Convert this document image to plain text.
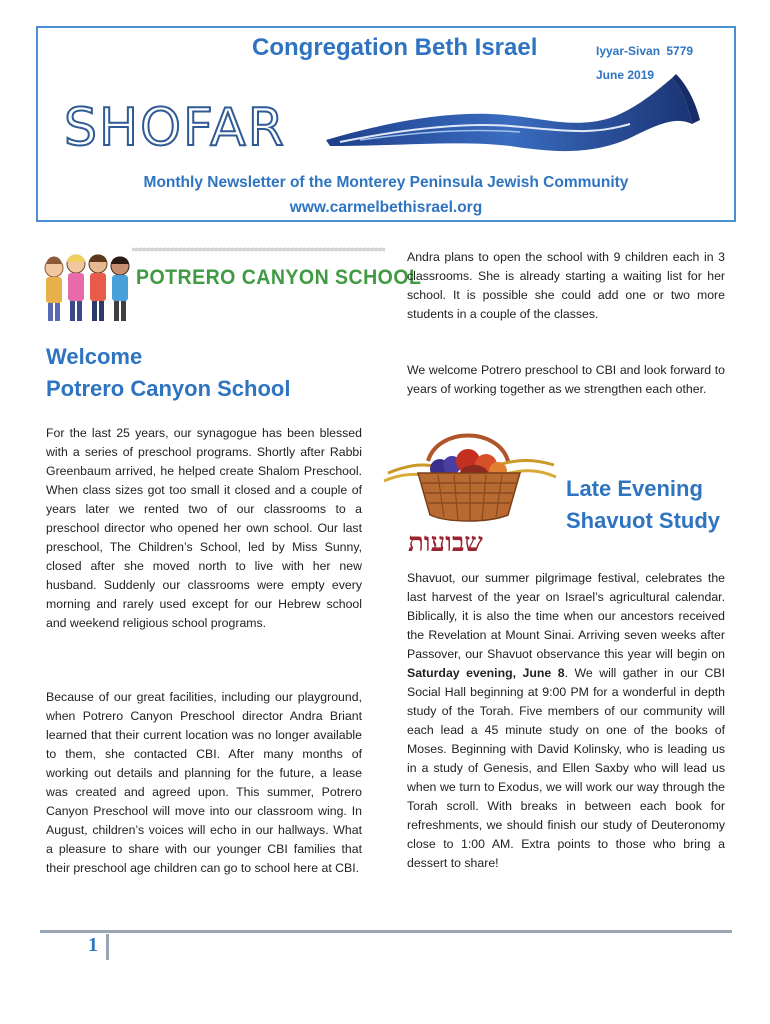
Congregation Beth Israel	Iyyar-Sivan 5779
June 2019
SHOFAR
Monthly Newsletter of the Monterey Peninsula Jewish Community
www.carmelbethisrael.org
POTRERO CANYON SCHOOL
Welcome
Potrero Canyon School
For the last 25 years, our synagogue has been blessed with a series of preschool programs. Shortly after Rabbi Greenbaum arrived, he helped create Shalom Preschool. When class sizes got too small it closed and a couple of years later we rented two of our classrooms to a preschool director who opened her own school. Our last preschool, The Children’s School, led by Miss Sunny, closed after she moved north to live with her new husband. Suddenly our classrooms were empty every morning and rarely used except for our Hebrew school and weekend religious school programs.
Because of our great facilities, including our playground, when Potrero Canyon Preschool director Andra Briant learned that their current location was no longer available to them, she contacted CBI. After many months of working out details and planning for the future, a lease was created and agreed upon. This summer, Potrero Canyon Preschool will move into our classroom wing. In August, children’s voices will echo in our hallways. What a pleasure to share with our younger CBI families that their preschool age children can go to school here at CBI.
Andra plans to open the school with 9 children each in 3 classrooms. She is already starting a waiting list for her school. It is possible she could add one or two more students in a couple of the classes.
We welcome Potrero preschool to CBI and look forward to years of working together as we strengthen each other.
שבועות
Late Evening
Shavuot Study
Shavuot, our summer pilgrimage festival, celebrates the last harvest of the year on Israel’s agricultural calendar. Biblically, it is also the time when our ancestors received the Revelation at Mount Sinai. Arriving seven weeks after Passover, our Shavuot observance this year will begin on Saturday evening, June 8. We will gather in our CBI Social Hall beginning at 9:00 PM for a wonderful in depth study of the Torah. Five members of our community will each lead a 45 minute study on one of the books of Moses. Beginning with David Kolinsky, who is leading us in a study of Genesis, and Ellen Saxby who will lead us when we turn to Exodus, we will work our way through the Torah scroll. With breaks in between each book for refreshments, we should finish our study of Deuteronomy close to 1:00 AM. Extra points to those who bring a dessert to share!
1
